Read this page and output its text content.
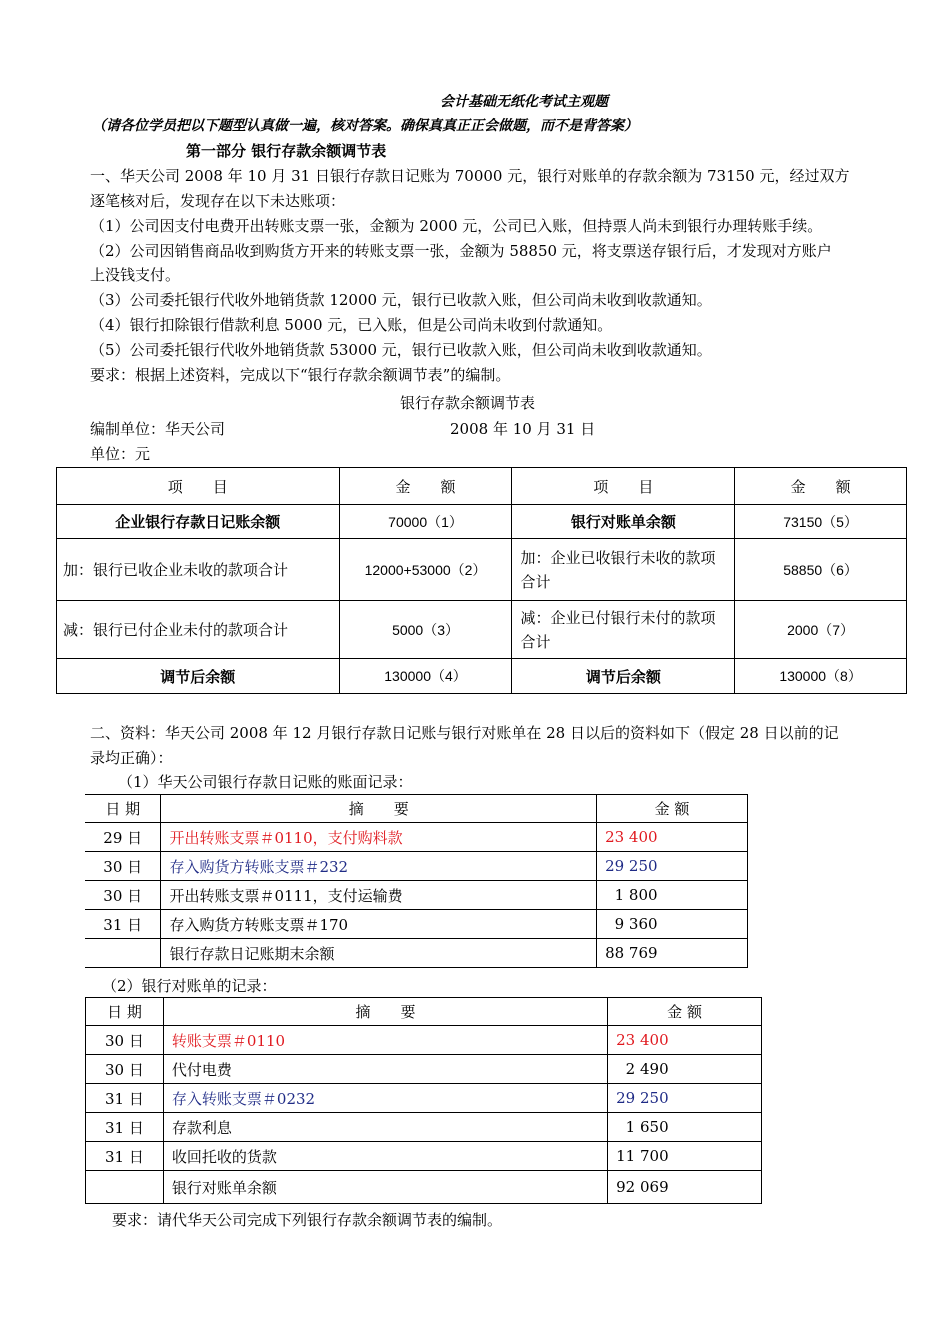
会计基础无纸化考试主观题
（请各位学员把以下题型认真做一遍，核对答案。确保真真正正会做题，而不是背答案）
第一部分 银行存款余额调节表
一、华天公司 2008 年 10 月 31 日银行存款日记账为 70000 元，银行对账单的存款余额为 73150 元，经过双方
逐笔核对后，发现存在以下未达账项：
（1）公司因支付电费开出转账支票一张，金额为 2000 元，公司已入账，但持票人尚未到银行办理转账手续。
（2）公司因销售商品收到购货方开来的转账支票一张，金额为 58850 元，将支票送存银行后，才发现对方账户
上没钱支付。
（3）公司委托银行代收外地销货款 12000 元，银行已收款入账，但公司尚未收到收款通知。
（4）银行扣除银行借款利息 5000 元，已入账，但是公司尚未收到付款通知。
（5）公司委托银行代收外地销货款 53000 元，银行已收款入账，但公司尚未收到收款通知。
要求：根据上述资料，完成以下“银行存款余额调节表”的编制。
银行存款余额调节表
编制单位：华天公司	2008 年 10 月 31 日
单位：元
项　　目	金　　额	项　　目	金　　额
企业银行存款日记账余额	70000（1）	银行对账单余额	73150（5）
加：银行已收企业未收的款项合计	12000+53000（2）	加：企业已收银行未收的款项合计	58850（6）
减：银行已付企业未付的款项合计	5000（3）	减：企业已付银行未付的款项合计	2000（7）
调节后余额	130000（4）	调节后余额	130000（8）
二、资料：华天公司 2008 年 12 月银行存款日记账与银行对账单在 28 日以后的资料如下（假定 28 日以前的记
录均正确）：
（1）华天公司银行存款日记账的账面记录：
日 期	摘　　要	金 额
29 日	开出转账支票＃0110，支付购料款	23 400
30 日	存入购货方转账支票＃232	29 250
30 日	开出转账支票＃0111，支付运输费	1 800
31 日	存入购货方转账支票＃170	9 360
	银行存款日记账期末余额	88 769
（2）银行对账单的记录：
日 期	摘　　要	金 额
30 日	转账支票＃0110	23 400
30 日	代付电费	2 490
31 日	存入转账支票＃0232	29 250
31 日	存款利息	1 650
31 日	收回托收的货款	11 700
	银行对账单余额	92 069
要求：请代华天公司完成下列银行存款余额调节表的编制。
